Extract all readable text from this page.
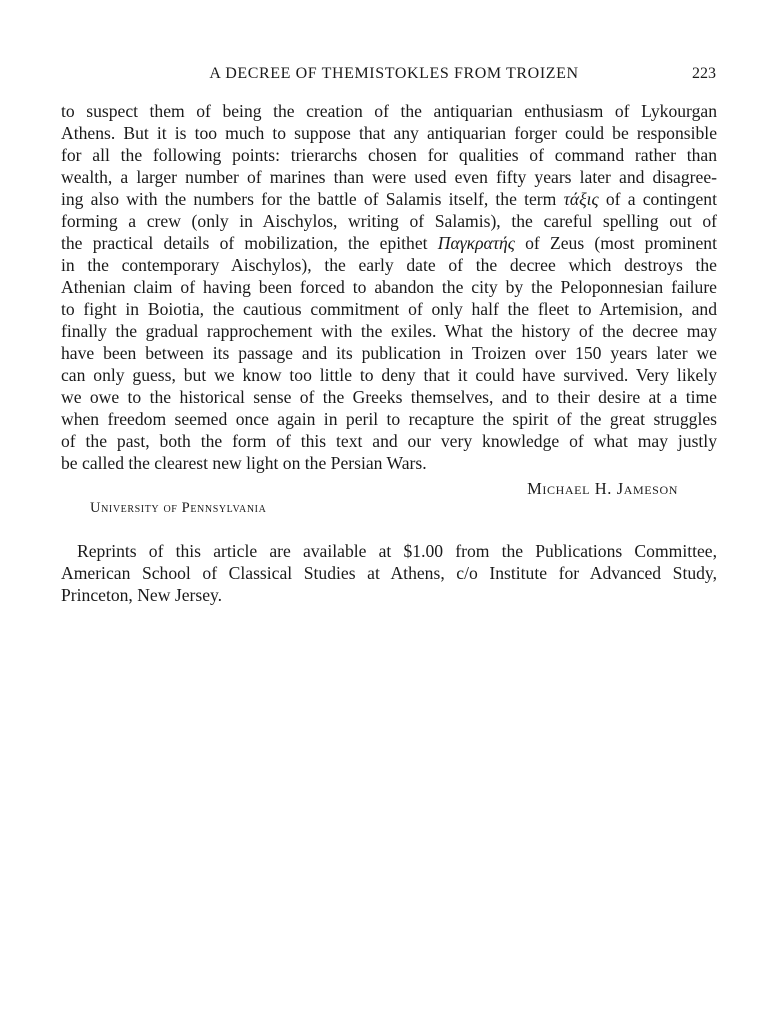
A DECREE OF THEMISTOKLES FROM TROIZEN	223
to suspect them of being the creation of the antiquarian enthusiasm of Lykourgan
Athens. But it is too much to suppose that any antiquarian forger could be responsible
for all the following points: trierarchs chosen for qualities of command rather than
wealth, a larger number of marines than were used even fifty years later and disagree-
ing also with the numbers for the battle of Salamis itself, the term τάξις of a contingent
forming a crew (only in Aischylos, writing of Salamis), the careful spelling out of
the practical details of mobilization, the epithet Παγκρατής of Zeus (most prominent
in the contemporary Aischylos), the early date of the decree which destroys the
Athenian claim of having been forced to abandon the city by the Peloponnesian failure
to fight in Boiotia, the cautious commitment of only half the fleet to Artemision, and
finally the gradual rapprochement with the exiles. What the history of the decree may
have been between its passage and its publication in Troizen over 150 years later we
can only guess, but we know too little to deny that it could have survived. Very likely
we owe to the historical sense of the Greeks themselves, and to their desire at a time
when freedom seemed once again in peril to recapture the spirit of the great struggles
of the past, both the form of this text and our very knowledge of what may justly
be called the clearest new light on the Persian Wars.
Michael H. Jameson
University of Pennsylvania
Reprints of this article are available at $1.00 from the Publications Committee,
American School of Classical Studies at Athens, c/o Institute for Advanced Study,
Princeton, New Jersey.
